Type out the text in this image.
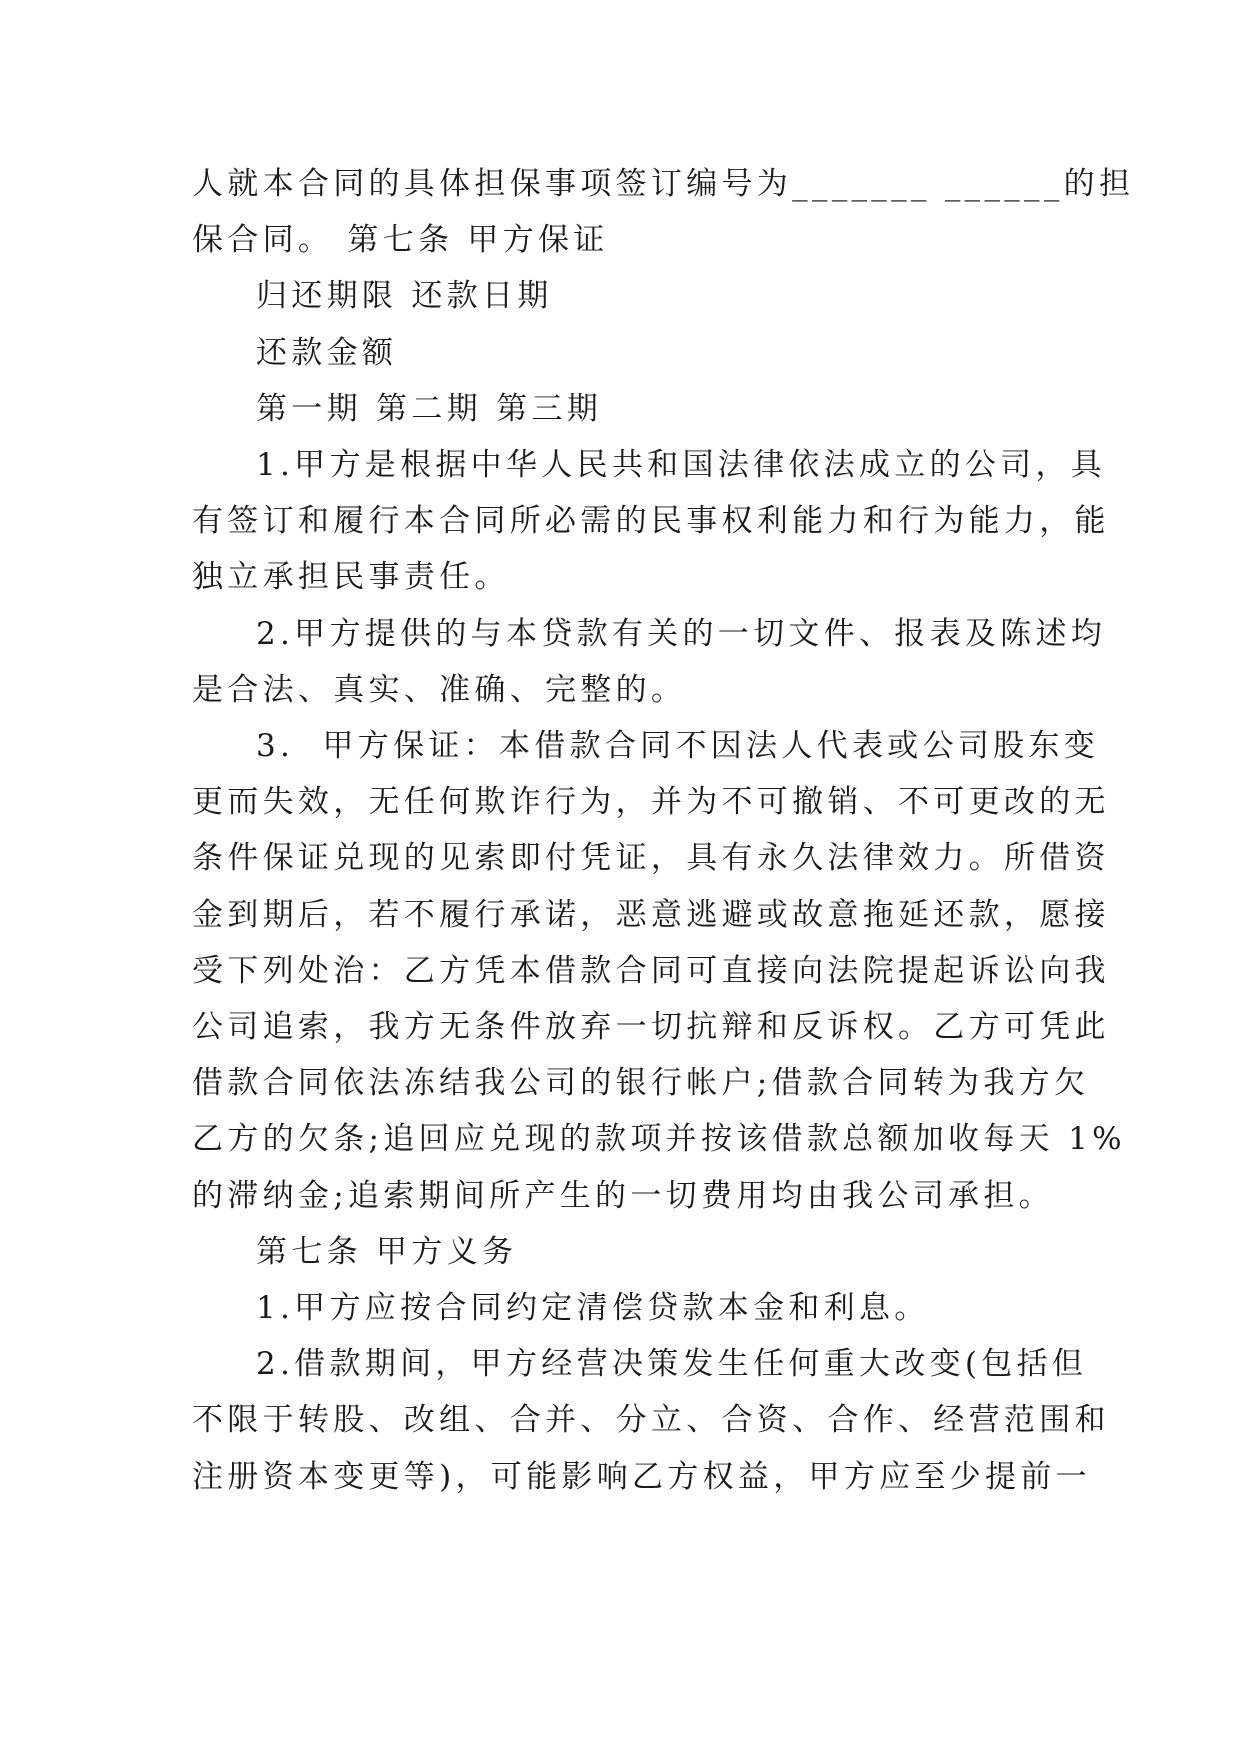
人就本合同的具体担保事项签订编号为_______ ______的担
保合同。 第七条 甲方保证

归还期限 还款日期

还款金额

第一期 第二期 第三期

1.甲方是根据中华人民共和国法律依法成立的公司，具
有签订和履行本合同所必需的民事权利能力和行为能力，能
独立承担民事责任。

2.甲方提供的与本贷款有关的一切文件、报表及陈述均
是合法、真实、准确、完整的。

3.  甲方保证：本借款合同不因法人代表或公司股东变
更而失效，无任何欺诈行为，并为不可撤销、不可更改的无
条件保证兑现的见索即付凭证，具有永久法律效力。所借资
金到期后，若不履行承诺，恶意逃避或故意拖延还款，愿接
受下列处治：乙方凭本借款合同可直接向法院提起诉讼向我
公司追索，我方无条件放弃一切抗辩和反诉权。乙方可凭此
借款合同依法冻结我公司的银行帐户;借款合同转为我方欠
乙方的欠条;追回应兑现的款项并按该借款总额加收每天 1%
的滞纳金;追索期间所产生的一切费用均由我公司承担。

第七条 甲方义务

1.甲方应按合同约定清偿贷款本金和利息。

2.借款期间，甲方经营决策发生任何重大改变(包括但
不限于转股、改组、合并、分立、合资、合作、经营范围和
注册资本变更等)，可能影响乙方权益，甲方应至少提前一
